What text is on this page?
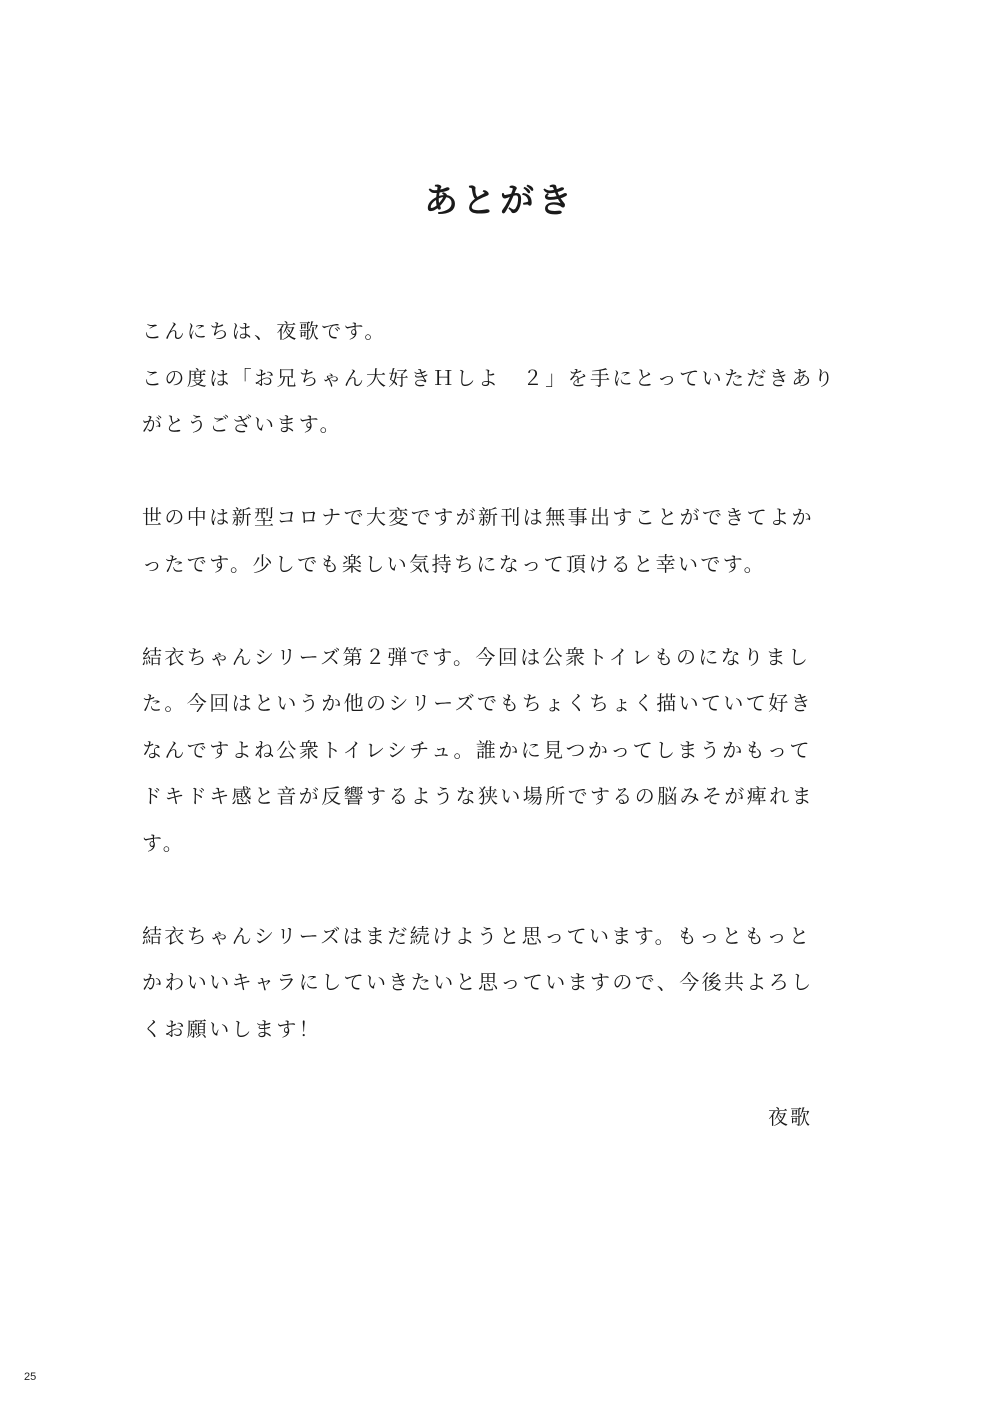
あとがき
こんにちは、夜歌です。
この度は「お兄ちゃん大好きＨしよ　２」を手にとっていただきあり
がとうございます。
世の中は新型コロナで大変ですが新刊は無事出すことができてよか
ったです。少しでも楽しい気持ちになって頂けると幸いです。
結衣ちゃんシリーズ第２弾です。今回は公衆トイレものになりまし
た。今回はというか他のシリーズでもちょくちょく描いていて好き
なんですよね公衆トイレシチュ。誰かに見つかってしまうかもって
ドキドキ感と音が反響するような狭い場所でするの脳みそが痺れま
す。
結衣ちゃんシリーズはまだ続けようと思っています。もっともっと
かわいいキャラにしていきたいと思っていますので、今後共よろし
くお願いします！
夜歌
25
